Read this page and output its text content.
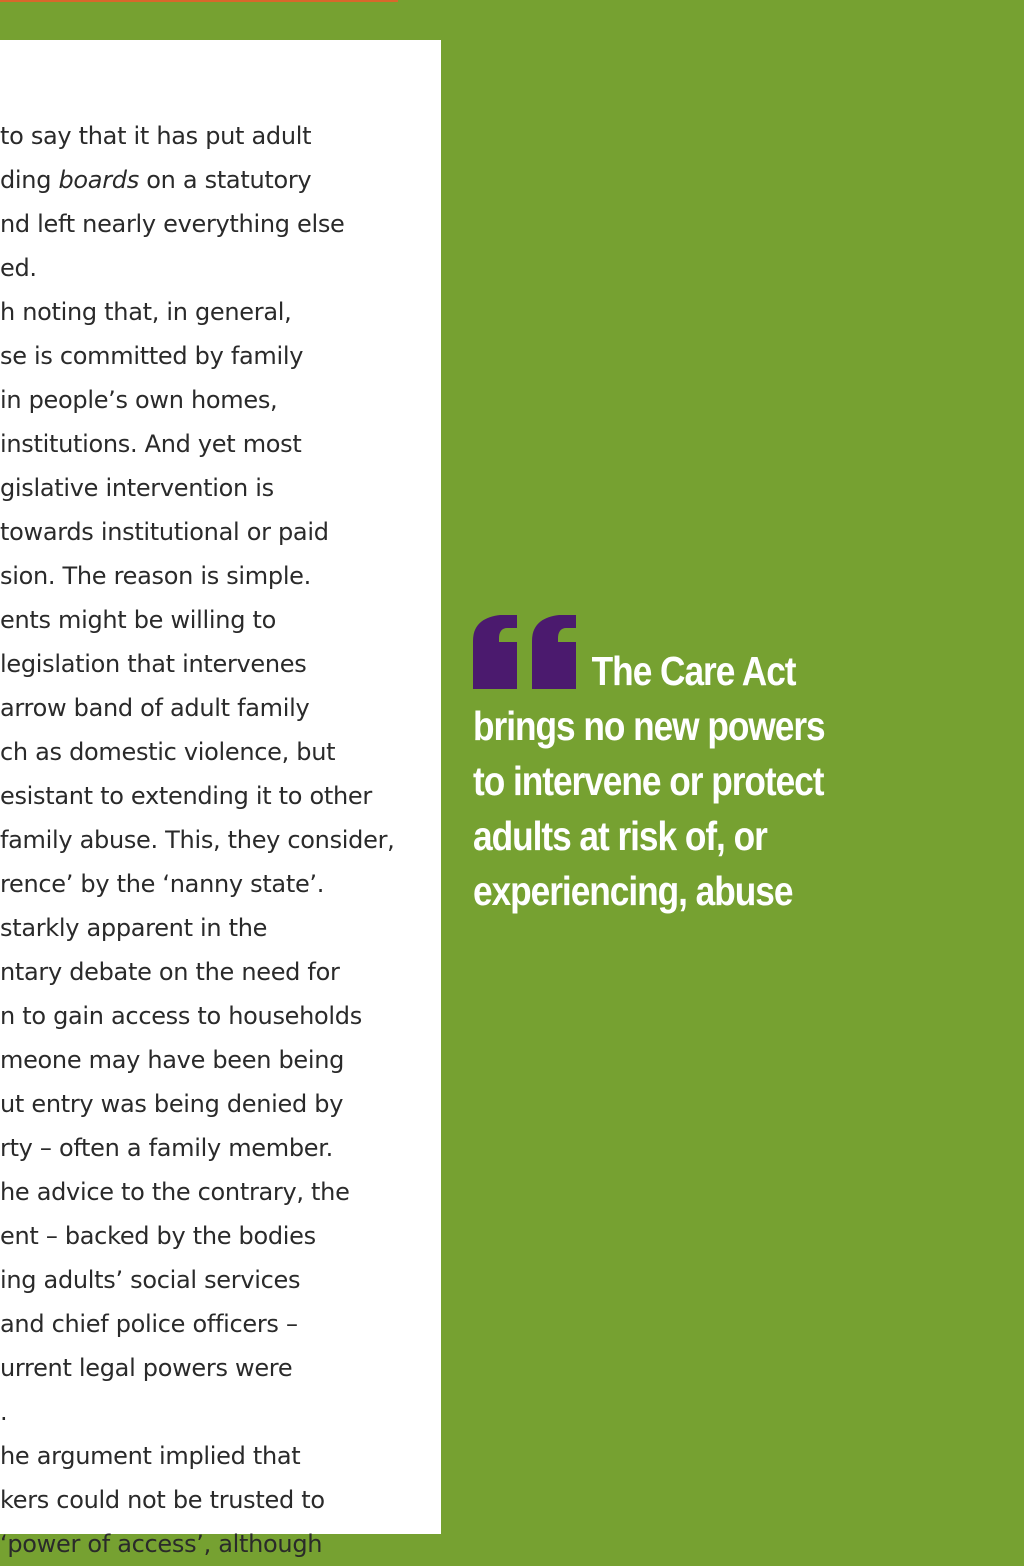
to say that it has put adult
ding boards on a statutory
nd left nearly everything else
ed.
h noting that, in general,
se is committed by family
in people’s own homes,
institutions. And yet most
gislative intervention is
towards institutional or paid
sion. The reason is simple.
ents might be willing to
legislation that intervenes
arrow band of adult family
ch as domestic violence, but
esistant to extending it to other
family abuse. This, they consider,
rence’ by the ‘nanny state’.
starkly apparent in the
ntary debate on the need for
n to gain access to households
meone may have been being
ut entry was being denied by
rty – often a family member.
he advice to the contrary, the
ent – backed by the bodies
ing adults’ social services
and chief police officers –
urrent legal powers were
.
he argument implied that
kers could not be trusted to
‘power of access’, although
The Care Act
brings no new powers
to intervene or protect
adults at risk of, or
experiencing, abuse
